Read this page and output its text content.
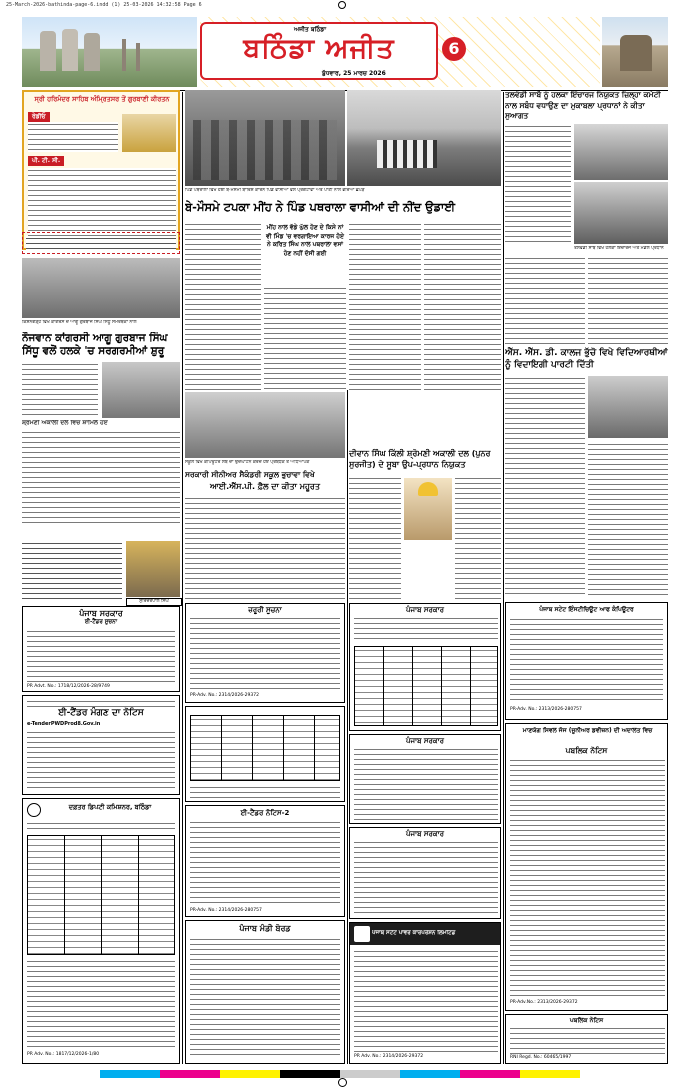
25-March-2026-bathinda-page-6.indd (1) 25-03-2026 14:32:58 Page 6
ਅਜੀਤ ਬਠਿੰਡਾ
ਬਠਿੰਡਾ ਅਜੀਤ
ਬੁੱਧਵਾਰ, 25 ਮਾਰਚ 2026
6
ਸ੍ਰੀ ਹਰਿਮੰਦਰ ਸਾਹਿਬ ਅੰਮ੍ਰਿਤਸਰ ਤੋਂ ਗੁਰਬਾਣੀ ਕੀਰਤਨ
ਰੇਡੀਓ
ਪੀ. ਟੀ. ਸੀ.
ਕਿਸ਼ਨਗੜ੍ਹ ਵਿਖੇ ਕਾਂਗਰਸ ਦੇ ਆਗੂ ਗੁਰਬਾਜ ਸਿੰਘ ਸਿੱਧੂ ਸਮਰਥਕਾਂ ਨਾਲ
ਨੌਜਵਾਨ ਕਾਂਗਰਸੀ ਆਗੂ ਗੁਰਬਾਜ ਸਿੰਘ ਸਿੱਧੂ ਵਲੋਂ ਹਲਕੇ 'ਚ ਸਰਗਰਮੀਆਂ ਸ਼ੁਰੂ
ਸ਼੍ਰੋਮਣੀ ਅਕਾਲੀ ਦਲ ਵਿਚ ਸ਼ਾਮਿਲ ਹੋਏ
ਸੁਰਿੰਦਰਪਾਲ ਸਿੰਘ
ਪੰਜਾਬ ਸਰਕਾਰ
ਈ-ਟੈਂਡਰ ਸੂਚਨਾ
PR Advt. No.: 1718/12/2026-28/9749
ਈ-ਟੈਂਡਰ ਮੰਗਣ ਦਾ ਨੋਟਿਸ
e-TenderPWDProd8.Gov.in
ਦਫ਼ਤਰ ਡਿਪਟੀ ਕਮਿਸ਼ਨਰ, ਬਠਿੰਡਾ
PR Adv. No.: 1817/12/2026-1/80
ਪਿੰਡ ਪਥਰਾਲਾ ਵਿਖੇ ਹੋਈ ਬੇ-ਮੌਸਮੀ ਬਾਰਿਸ਼ ਕਾਰਨ ਪਿੰਡ ਵਾਸੀਆਂ ਵਲੋਂ ਪ੍ਰਗਟਾਵਾ ਅਤੇ ਪਾਣੀ ਨਾਲ ਭਰਿਆ ਛੱਪੜ
ਬੇ-ਮੌਸਮੇ ਟਪਕਾ ਮੀਂਹ ਨੇ ਪਿੰਡ ਪਥਰਾਲਾ ਵਾਸੀਆਂ ਦੀ ਨੀਂਦ ਉਡਾਈ
ਮੀਂਹ ਨਾਲ ਵੱਡੇ ਘੁੱਲ ਹੋਣ ਦੇ ਕਿਸੇ ਨਾਂ ਵੀ ਮਿੰਡ 'ਚ ਵਰਗਾਇਆ ਕਾਰਜ ਹੋਏ ਨੇ ਕਰਿਤ ਸਿੰਘ ਨਾਲ ਪਥਰਾਲਾ ਵਸਾਂ ਹੋਣ ਨਹੀਂ ਦੱਸੀ ਗਈ
ਸਕੂਲ ਵਿਖੇ ਕੰਪਿਊਟਰ ਲੈਬ ਦਾ ਉਦਘਾਟਨ ਕਰਦੇ ਹੋਏ ਪ੍ਰਬੰਧਕ ਤੇ ਅਧਿਆਪਕ
ਦੀਵਾਨ ਸਿੰਘ ਕਿੱਲੀ ਸ਼੍ਰੋਮਣੀ ਅਕਾਲੀ ਦਲ (ਪੁਨਰ ਸੁਰਜੀਤ) ਦੇ ਸੂਬਾ ਉਪ-ਪ੍ਰਧਾਨ ਨਿਯੁਕਤ
ਸਰਕਾਰੀ ਸੀਨੀਅਰ ਸੈਕੰਡਰੀ ਸਕੂਲ ਭੁਚਾਵਾ ਵਿਖੇ
ਆਈ.ਐੱਸ.ਪੀ. ਫ਼ੈਲ ਦਾ ਕੀਤਾ ਮਹੂਰਤ
ਜ਼ਰੂਰੀ ਸੂਚਨਾ
PR-Adv. No.: 2314/2026-29372
ਈ-ਟੈਂਡਰ ਨੋਟਿਸ-2
PR-Adv. No.: 2314/2026-280757
ਪੰਜਾਬ ਮੰਡੀ ਬੋਰਡ
ਪੰਜਾਬ ਸਰਕਾਰ
ਪੰਜਾਬ ਸਰਕਾਰ
ਪੰਜਾਬ ਸਰਕਾਰ
ਪੰਜਾਬ ਸਟੇਟ ਪਾਵਰ ਕਾਰਪੋਰੇਸ਼ਨ ਲਿਮਟਿਡ
PR Adv. No.: 2314/2026-29372
ਤਲਵੰਡੀ ਸਾਬੋ ਨੂੰ ਹਲਕਾ ਇੰਚਾਰਜ ਨਿਯੁਕਤ ਜ਼ਿਲ੍ਹਾ ਕਮੇਟੀ ਨਾਲ ਸਬੰਧ ਵਧਾਉਣ ਦਾ ਮੁਕਾਬਲਾ ਪ੍ਰਧਾਨਾਂ ਨੇ ਕੀਤਾ ਸੁਆਗਤ
ਤਲਵੰਡੀ ਸਾਬੋ ਵਿਖੇ ਹਲਕਾ ਇੰਚਾਰਜ ਅਤੇ ਮੰਡਲ ਪ੍ਰਧਾਨ
ਐੱਸ. ਐੱਸ. ਡੀ. ਕਾਲਜ ਭੁੱਚੋ ਵਿਖੇ ਵਿਦਿਆਰਥੀਆਂ ਨੂੰ ਵਿਦਾਇਗੀ ਪਾਰਟੀ ਦਿੱਤੀ
ਪੰਜਾਬ ਸਟੇਟ ਇੰਸਟੀਚਿਊਟ ਆਫ ਕੰਪਿਊਟਰ
PR-Adv. No.: 2313/2026-280757
ਮਾਣਯੋਗ ਸਿਵਲ ਜੱਜ (ਜੂਨੀਅਰ ਡਵੀਜ਼ਨ) ਦੀ ਅਦਾਲਤ ਵਿਚ
ਪਬਲਿਕ ਨੋਟਿਸ
PR-Adv.No.: 2313/2026-29372
ਪਬਲਿਕ ਨੋਟਿਸ
RNI Regd. No.: 60465/1997
